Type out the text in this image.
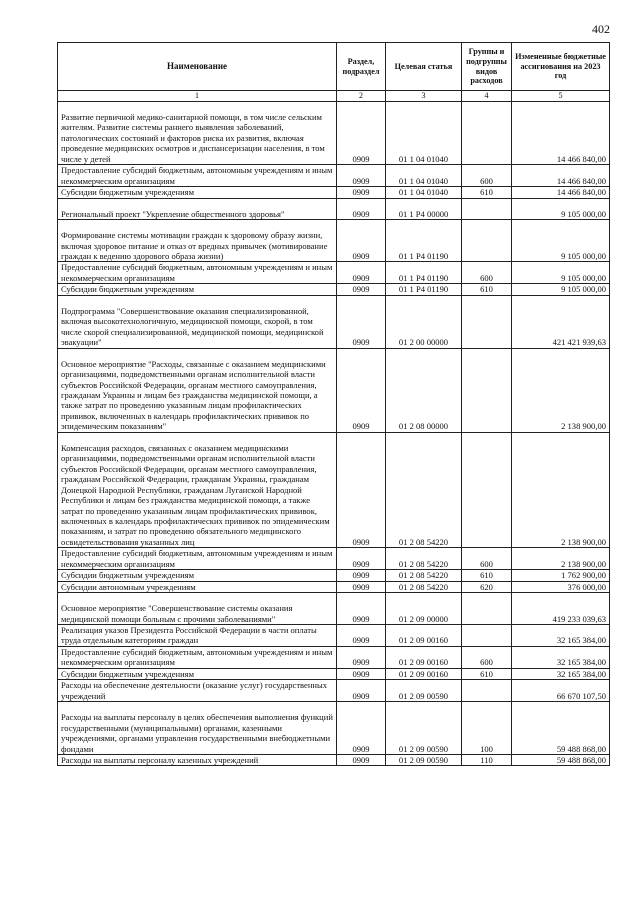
402
Наименование	Раздел, подраздел	Целевая статья	Группы и подгруппы видов расходов	Измененные бюджетные ассигнования на 2023 год
1	2	3	4	5

Развитие первичной медико-санитарной помощи, в том числе сельским жителям. Развитие системы раннего выявления заболеваний, патологических состояний и факторов риска их развития, включая проведение медицинских осмотров и диспансеризации населения, в том числе у детей	0909	01 1 04 01040		14 466 840,00
Предоставление субсидий бюджетным, автономным учреждениям и иным некоммерческим организациям	0909	01 1 04 01040	600	14 466 840,00
Субсидии бюджетным учреждениям	0909	01 1 04 01040	610	14 466 840,00

Региональный проект "Укрепление общественного здоровья"	0909	01 1 Р4 00000		9 105 000,00

Формирование системы мотивации граждан к здоровому образу жизни, включая здоровое питание и отказ от вредных привычек (мотивирование граждан к ведению здорового образа жизни)	0909	01 1 Р4 01190		9 105 000,00
Предоставление субсидий бюджетным, автономным учреждениям и иным некоммерческим организациям	0909	01 1 Р4 01190	600	9 105 000,00
Субсидии бюджетным учреждениям	0909	01 1 Р4 01190	610	9 105 000,00

Подпрограмма "Совершенствование оказания специализированной, включая высокотехнологичную, медицинской помощи, скорой, в том числе скорой специализированной, медицинской помощи, медицинской эвакуации"	0909	01 2 00 00000		421 421 939,63

Основное мероприятие "Расходы, связанные с оказанием медицинскими организациями, подведомственными органам исполнительной власти субъектов Российской Федерации, органам местного самоуправления, гражданам Украины и лицам без гражданства медицинской помощи, а также затрат по проведению указанным лицам профилактических прививок, включенных в календарь профилактических прививок по эпидемическим показаниям"	0909	01 2 08 00000		2 138 900,00

Компенсация расходов, связанных с оказанием медицинскими организациями, подведомственными органам исполнительной власти субъектов Российской Федерации, органам местного самоуправления, гражданам Российской Федерации, гражданам Украины, гражданам Донецкой Народной Республики, гражданам Луганской Народной Республики и лицам без гражданства медицинской помощи, а также затрат по проведению указанным лицам профилактических прививок, включенных в календарь профилактических прививок по эпидемическим показаниям, и затрат по проведению обязательного медицинского освидетельствования указанных лиц	0909	01 2 08 54220		2 138 900,00
Предоставление субсидий бюджетным, автономным учреждениям и иным некоммерческим организациям	0909	01 2 08 54220	600	2 138 900,00
Субсидии бюджетным учреждениям	0909	01 2 08 54220	610	1 762 900,00
Субсидии автономным учреждениям	0909	01 2 08 54220	620	376 000,00

Основное мероприятие "Совершенствование системы оказания медицинской помощи больным с прочими заболеваниями"	0909	01 2 09 00000		419 233 039,63
Реализация указов Президента Российской Федерации в части оплаты труда отдельным категориям граждан	0909	01 2 09 00160		32 165 384,00
Предоставление субсидий бюджетным, автономным учреждениям и иным некоммерческим организациям	0909	01 2 09 00160	600	32 165 384,00
Субсидии бюджетным учреждениям	0909	01 2 09 00160	610	32 165 384,00
Расходы на обеспечение деятельности (оказание услуг) государственных учреждений	0909	01 2 09 00590		66 670 107,50

Расходы на выплаты персоналу в целях обеспечения выполнения функций государственными (муниципальными) органами, казенными учреждениями, органами управления государственными внебюджетными фондами	0909	01 2 09 00590	100	59 488 868,00
Расходы на выплаты персоналу казенных учреждений	0909	01 2 09 00590	110	59 488 868,00
